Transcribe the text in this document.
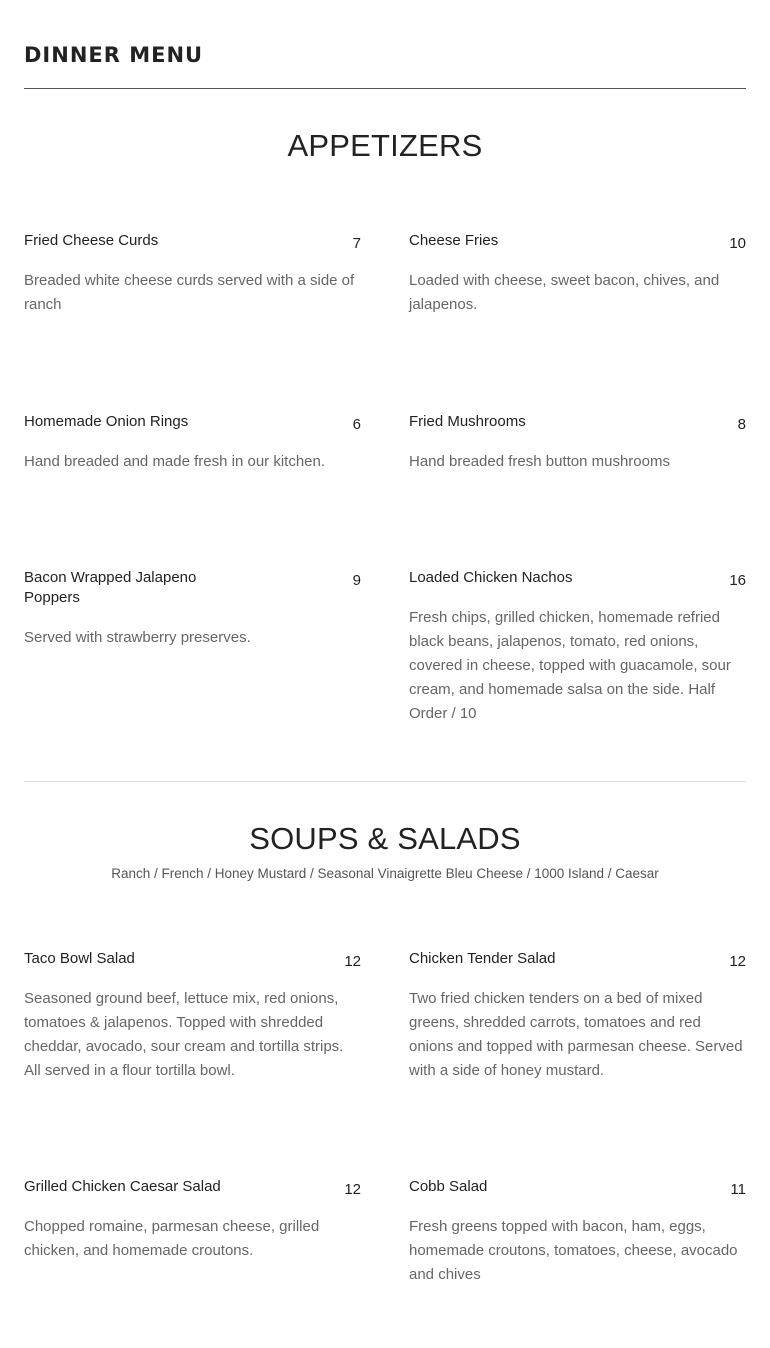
DINNER MENU
APPETIZERS
Fried Cheese Curds	7
Breaded white cheese curds served with a side of ranch
Cheese Fries	10
Loaded with cheese, sweet bacon, chives, and jalapenos.
Homemade Onion Rings	6
Hand breaded and made fresh in our kitchen.
Fried Mushrooms	8
Hand breaded fresh button mushrooms
Bacon Wrapped Jalapeno Poppers
9
Served with strawberry preserves.
Loaded Chicken Nachos	16
Fresh chips, grilled chicken, homemade refried black beans, jalapenos, tomato, red onions, covered in cheese, topped with guacamole, sour cream, and homemade salsa on the side. Half Order / 10
SOUPS & SALADS
Ranch / French / Honey Mustard / Seasonal Vinaigrette Bleu Cheese / 1000 Island / Caesar
Taco Bowl Salad	12
Seasoned ground beef, lettuce mix, red onions, tomatoes & jalapenos. Topped with shredded cheddar, avocado, sour cream and tortilla strips. All served in a flour tortilla bowl.
Chicken Tender Salad	12
Two fried chicken tenders on a bed of mixed greens, shredded carrots, tomatoes and red onions and topped with parmesan cheese. Served with a side of honey mustard.
Grilled Chicken Caesar Salad	12
Chopped romaine, parmesan cheese, grilled chicken, and homemade croutons.
Cobb Salad	11
Fresh greens topped with bacon, ham, eggs, homemade croutons, tomatoes, cheese, avocado and chives
